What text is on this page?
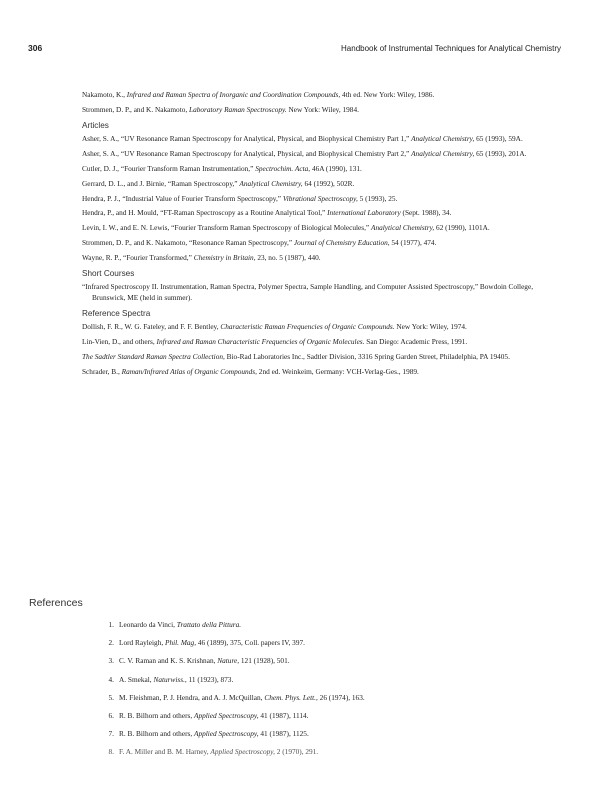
306	Handbook of Instrumental Techniques for Analytical Chemistry

Nakamoto, K., Infrared and Raman Spectra of Inorganic and Coordination Compounds, 4th ed. New York: Wiley, 1986.

Strommen, D. P., and K. Nakamoto, Laboratory Raman Spectroscopy. New York: Wiley, 1984.

Articles

Asher, S. A., “UV Resonance Raman Spectroscopy for Analytical, Physical, and Biophysical Chemistry Part 1,” Analytical Chemistry, 65 (1993), 59A.

Asher, S. A., “UV Resonance Raman Spectroscopy for Analytical, Physical, and Biophysical Chemistry Part 2,” Analytical Chemistry, 65 (1993), 201A.

Cutler, D. J., “Fourier Transform Raman Instrumentation,” Spectrochim. Acta, 46A (1990), 131.

Gerrard, D. L., and J. Birnie, “Raman Spectroscopy,” Analytical Chemistry, 64 (1992), 502R.

Hendra, P. J., “Industrial Value of Fourier Transform Spectroscopy,” Vibrational Spectroscopy, 5 (1993), 25.

Hendra, P., and H. Mould, “FT-Raman Spectroscopy as a Routine Analytical Tool,” International Laboratory (Sept. 1988), 34.

Levin, I. W., and E. N. Lewis, “Fourier Transform Raman Spectroscopy of Biological Molecules,” Analytical Chemistry, 62 (1990), 1101A.

Strommen, D. P., and K. Nakamoto, “Resonance Raman Spectroscopy,” Journal of Chemistry Education, 54 (1977), 474.

Wayne, R. P., “Fourier Transformed,” Chemistry in Britain, 23, no. 5 (1987), 440.

Short Courses

“Infrared Spectroscopy II. Instrumentation, Raman Spectra, Polymer Spectra, Sample Handling, and Computer Assisted Spectroscopy,” Bowdoin College, Brunswick, ME (held in summer).

Reference Spectra

Dollish, F. R., W. G. Fateley, and F. F. Bentley, Characteristic Raman Frequencies of Organic Compounds. New York: Wiley, 1974.

Lin-Vien, D., and others, Infrared and Raman Characteristic Frequencies of Organic Molecules. San Diego: Academic Press, 1991.

The Sadtler Standard Raman Spectra Collection, Bio-Rad Laboratories Inc., Sadtler Division, 3316 Spring Garden Street, Philadelphia, PA 19405.

Schrader, B., Raman/Infrared Atlas of Organic Compounds, 2nd ed. Weinkeim, Germany: VCH-Verlag-Ges., 1989.

References
1. Leonardo da Vinci, Trattato della Pittura.
2. Lord Rayleigh, Phil. Mag, 46 (1899), 375, Coll. papers IV, 397.
3. C. V. Raman and K. S. Krishnan, Nature, 121 (1928), 501.
4. A. Smekal, Naturwiss., 11 (1923), 873.
5. M. Fleishman, P. J. Hendra, and A. J. McQuillan, Chem. Phys. Lett., 26 (1974), 163.
6. R. B. Bilhorn and others, Applied Spectroscopy, 41 (1987), 1114.
7. R. B. Bilhorn and others, Applied Spectroscopy, 41 (1987), 1125.
8. F. A. Miller and B. M. Harney, Applied Spectroscopy, 2 (1970), 291.
